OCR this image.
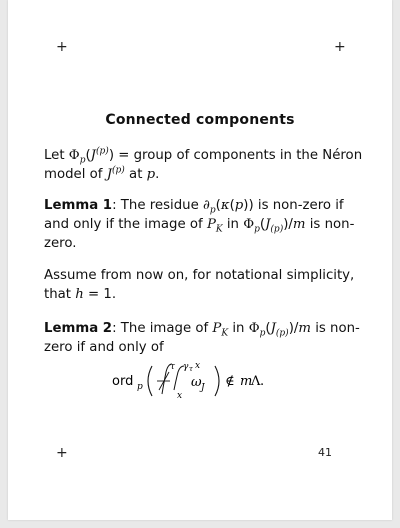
+	+
+	41
Connected components

Let $\Phi_p(J^{(p)})$ = group of components in the Néron model of $J^{(p)}$ at p.

Lemma 1: The residue $\partial_p(\kappa(p))$ is non-zero if and only if the image of $P_K$ in $\Phi_p(J_{(p)})/m$ is non-zero.

Assume from now on, for notational simplicity, that h = 1.

Lemma 2: The image of $P_K$ in $\Phi_p(J_{(p)})/m$ is non-zero if and only of

ord p
τ γ τ x
x
ω J ∉ m
Λ .
